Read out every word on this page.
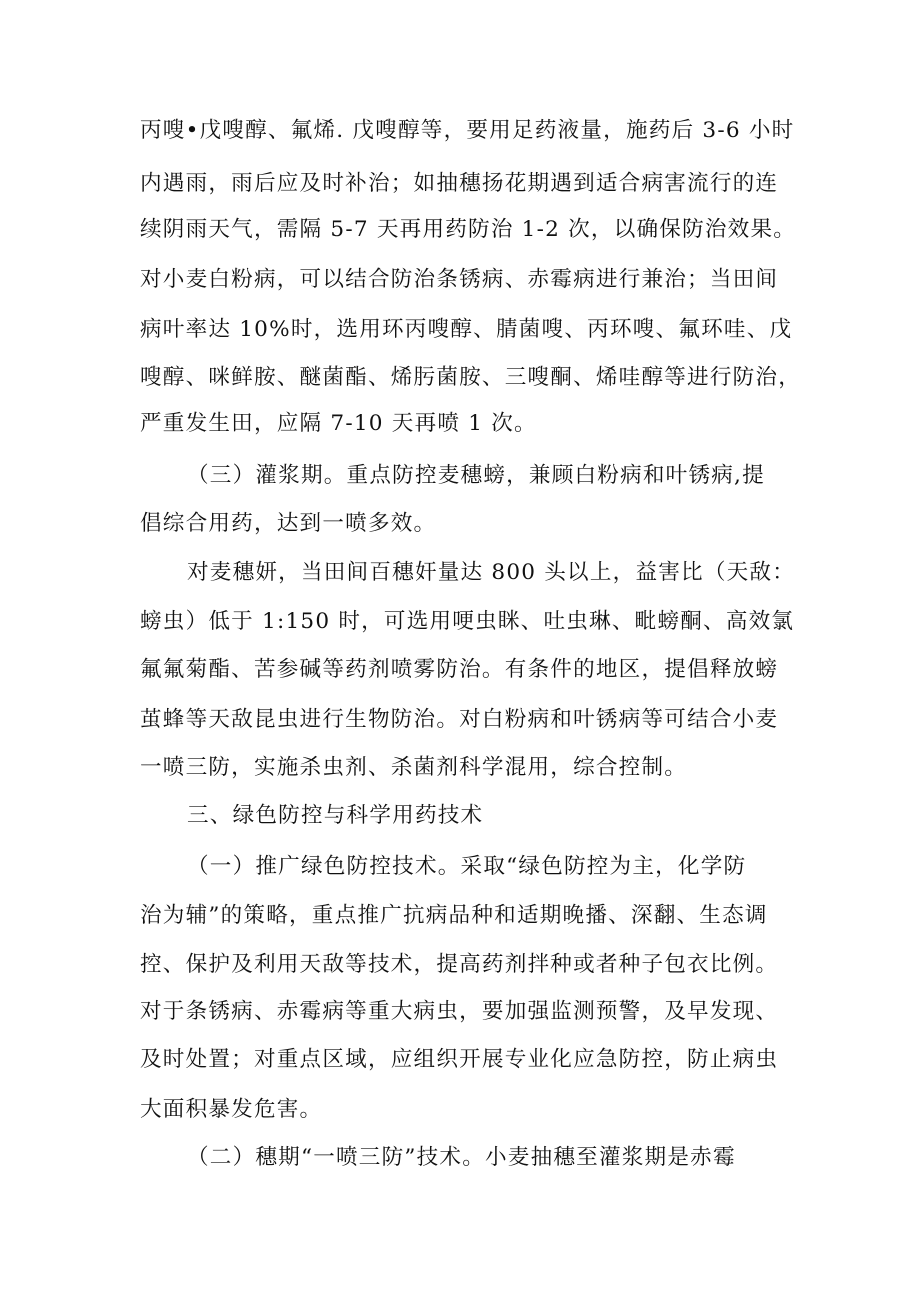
丙嗖•戊嗖醇、氟烯. 戊嗖醇等，要用足药液量，施药后 3-6 小时
内遇雨，雨后应及时补治；如抽穗扬花期遇到适合病害流行的连
续阴雨天气，需隔 5-7 天再用药防治 1-2 次，以确保防治效果。
对小麦白粉病，可以结合防治条锈病、赤霉病进行兼治；当田间
病叶率达 10%时，选用环丙嗖醇、腈菌嗖、丙环嗖、氟环哇、戊
嗖醇、咪鲜胺、醚菌酯、烯肟菌胺、三嗖酮、烯哇醇等进行防治，
严重发生田，应隔 7-10 天再喷 1 次。
（三）灌浆期。重点防控麦穗螃，兼顾白粉病和叶锈病,提
倡综合用药，达到一喷多效。
对麦穗妍，当田间百穗奸量达 800 头以上，益害比（天敌：
螃虫）低于 1:150 时，可选用哽虫眯、吐虫琳、毗螃酮、高效氯
氟氟菊酯、苦参碱等药剂喷雾防治。有条件的地区，提倡释放螃
茧蜂等天敌昆虫进行生物防治。对白粉病和叶锈病等可结合小麦
一喷三防，实施杀虫剂、杀菌剂科学混用，综合控制。
三、绿色防控与科学用药技术
（一）推广绿色防控技术。采取“绿色防控为主，化学防
治为辅”的策略，重点推广抗病品种和适期晚播、深翻、生态调
控、保护及利用天敌等技术，提高药剂拌种或者种子包衣比例。
对于条锈病、赤霉病等重大病虫，要加强监测预警，及早发现、
及时处置；对重点区域，应组织开展专业化应急防控，防止病虫
大面积暴发危害。
（二）穗期“一喷三防”技术。小麦抽穗至灌浆期是赤霉
